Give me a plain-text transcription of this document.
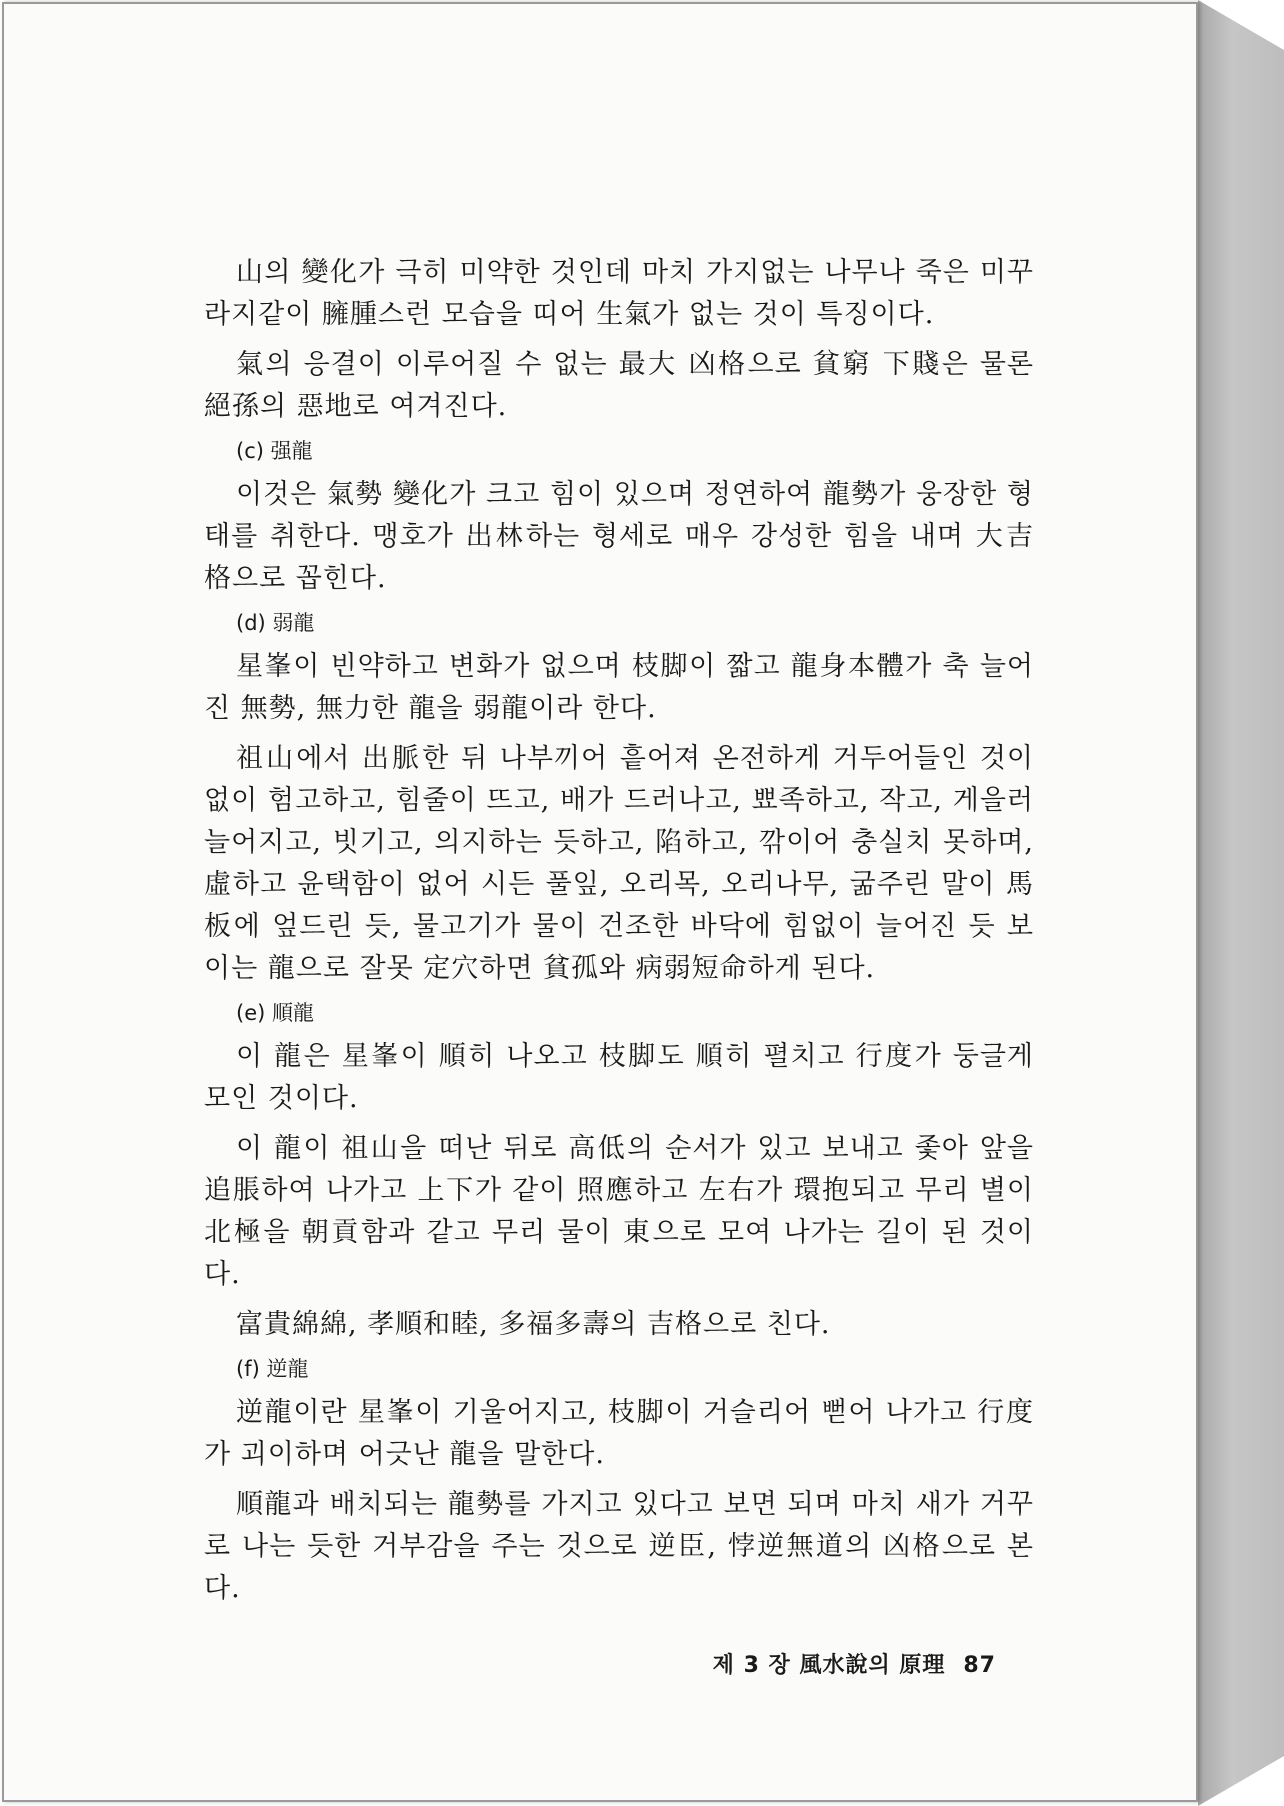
山의 變化가 극히 미약한 것인데 마치 가지없는 나무나 죽은 미꾸라지같이 臃腫스런 모습을 띠어 生氣가 없는 것이 특징이다.

氣의 응결이 이루어질 수 없는 最大 凶格으로 貧窮 下賤은 물론 絕孫의 惡地로 여겨진다.

(c) 强龍

이것은 氣勢 變化가 크고 힘이 있으며 정연하여 龍勢가 웅장한 형태를 취한다. 맹호가 出林하는 형세로 매우 강성한 힘을 내며 大吉格으로 꼽힌다.

(d) 弱龍

星峯이 빈약하고 변화가 없으며 枝脚이 짧고 龍身本體가 축 늘어진 無勢, 無力한 龍을 弱龍이라 한다.

祖山에서 出脈한 뒤 나부끼어 흩어져 온전하게 거두어들인 것이 없이 험고하고, 힘줄이 뜨고, 배가 드러나고, 뾰족하고, 작고, 게을러 늘어지고, 빗기고, 의지하는 듯하고, 陷하고, 깎이어 충실치 못하며, 虛하고 윤택함이 없어 시든 풀잎, 오리목, 오리나무, 굶주린 말이 馬板에 엎드린 듯, 물고기가 물이 건조한 바닥에 힘없이 늘어진 듯 보이는 龍으로 잘못 定穴하면 貧孤와 病弱短命하게 된다.

(e) 順龍

이 龍은 星峯이 順히 나오고 枝脚도 順히 펼치고 行度가 둥글게 모인 것이다.

이 龍이 祖山을 떠난 뒤로 高低의 순서가 있고 보내고 좇아 앞을 追脹하여 나가고 上下가 같이 照應하고 左右가 環抱되고 무리 별이 北極을 朝貢함과 같고 무리 물이 東으로 모여 나가는 길이 된 것이다.

富貴綿綿, 孝順和睦, 多福多壽의 吉格으로 친다.

(f) 逆龍

逆龍이란 星峯이 기울어지고, 枝脚이 거슬리어 뻗어 나가고 行度가 괴이하며 어긋난 龍을 말한다.

順龍과 배치되는 龍勢를 가지고 있다고 보면 되며 마치 새가 거꾸로 나는 듯한 거부감을 주는 것으로 逆臣, 悖逆無道의 凶格으로 본다.

제 3 장 風水說의 原理 87
